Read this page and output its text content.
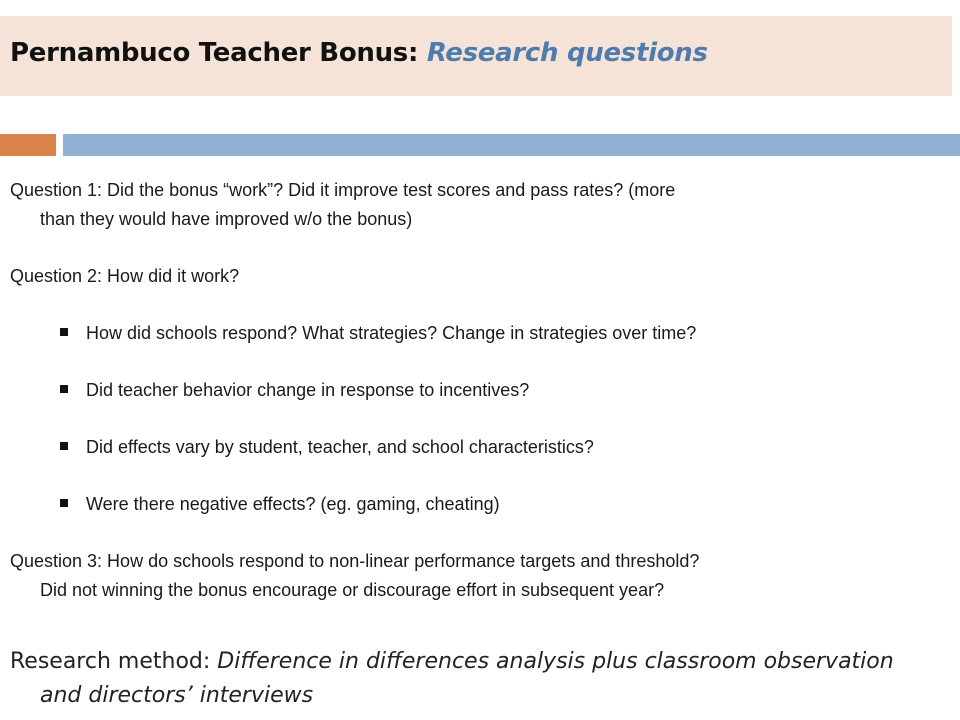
Pernambuco Teacher Bonus: Research questions
Question 1: Did the bonus “work”? Did it improve test scores and pass rates? (more
than they would have improved w/o the bonus)
Question 2: How did it work?
How did schools respond? What strategies? Change in strategies over time?
Did teacher behavior change in response to incentives?
Did effects vary by student, teacher, and school characteristics?
Were there negative effects? (eg. gaming, cheating)
Question 3: How do schools respond to non-linear performance targets and threshold?
Did not winning the bonus encourage or discourage effort in subsequent year?
Research method: Difference in differences analysis plus classroom observation
and directors’ interviews
